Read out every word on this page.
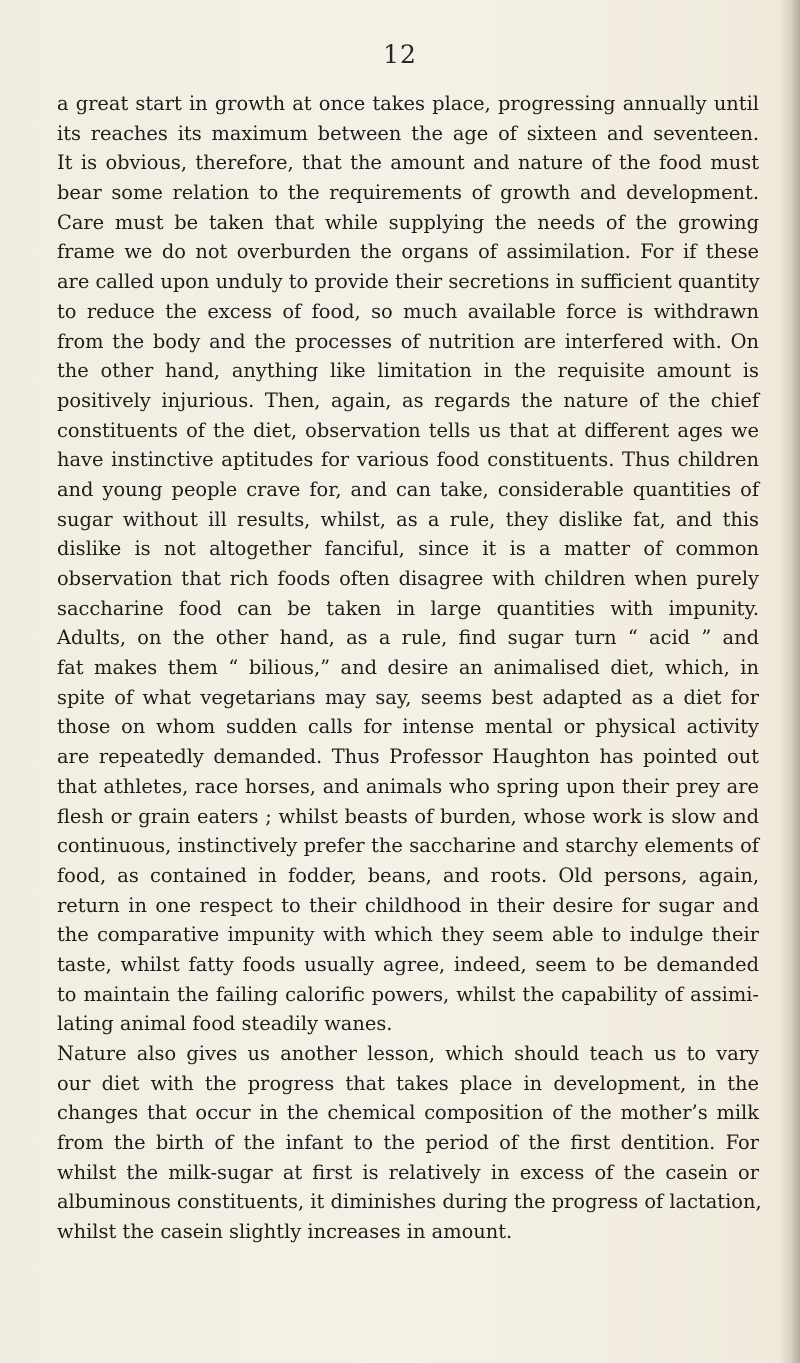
12
a great start in growth at once takes place, progressing annually until
its reaches its maximum between the age of sixteen and seventeen.
It is obvious, therefore, that the amount and nature of the food must
bear some relation to the requirements of growth and development.
Care must be taken that while supplying the needs of the growing
frame we do not overburden the organs of assimilation. For if these
are called upon unduly to provide their secretions in sufficient quantity
to reduce the excess of food, so much available force is withdrawn
from the body and the processes of nutrition are interfered with. On
the other hand, anything like limitation in the requisite amount is
positively injurious. Then, again, as regards the nature of the chief
constituents of the diet, observation tells us that at different ages we
have instinctive aptitudes for various food constituents. Thus children
and young people crave for, and can take, considerable quantities of
sugar without ill results, whilst, as a rule, they dislike fat, and this
dislike is not altogether fanciful, since it is a matter of common
observation that rich foods often disagree with children when purely
saccharine food can be taken in large quantities with impunity.
Adults, on the other hand, as a rule, find sugar turn “ acid ” and
fat makes them “ bilious,” and desire an animalised diet, which, in
spite of what vegetarians may say, seems best adapted as a diet for
those on whom sudden calls for intense mental or physical activity
are repeatedly demanded. Thus Professor Haughton has pointed out
that athletes, race horses, and animals who spring upon their prey are
flesh or grain eaters ; whilst beasts of burden, whose work is slow and
continuous, instinctively prefer the saccharine and starchy elements of
food, as contained in fodder, beans, and roots. Old persons, again,
return in one respect to their childhood in their desire for sugar and
the comparative impunity with which they seem able to indulge their
taste, whilst fatty foods usually agree, indeed, seem to be demanded
to maintain the failing calorific powers, whilst the capability of assimi-
lating animal food steadily wanes.
Nature also gives us another lesson, which should teach us to vary
our diet with the progress that takes place in development, in the
changes that occur in the chemical composition of the mother’s milk
from the birth of the infant to the period of the first dentition. For
whilst the milk-sugar at first is relatively in excess of the casein or
albuminous constituents, it diminishes during the progress of lactation,
whilst the casein slightly increases in amount.
